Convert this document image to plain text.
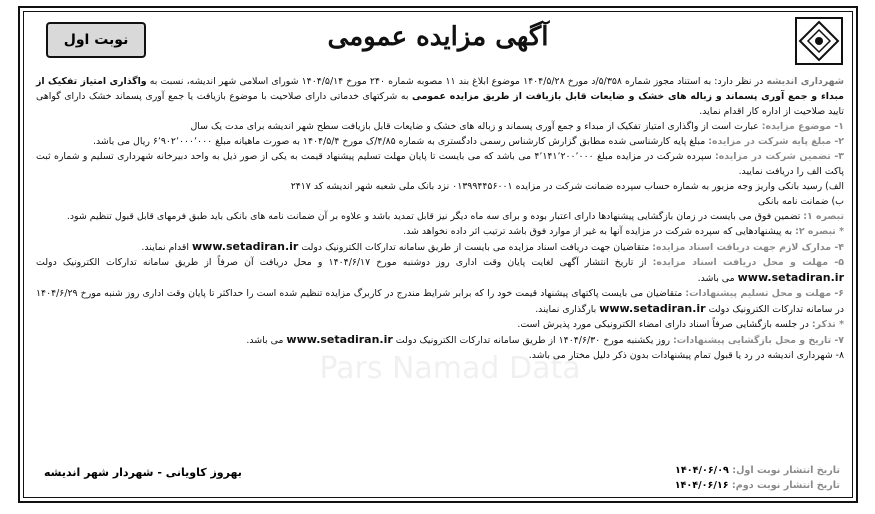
آگهی مزایده عمومی
نوبت اول
Pars Namad Data

شهرداری اندیشه در نظر دارد: به استناد مجوز شماره ۵/۳۵۸/د مورخ ۱۴۰۴/۵/۲۸ موضوع ابلاغ بند ۱۱ مصوبه شماره ۲۴۰ مورخ ۱۴۰۴/۵/۱۴ شورای اسلامی شهر اندیشه، نسبت به واگذاری امتیاز تفکیک از مبداء و جمع آوری پسماند و زباله های خشک و ضایعات قابل بازیافت از طریق مزایده عمومی به شرکتهای خدماتی دارای صلاحیت با موضوع بازیافت یا جمع آوری پسماند خشک دارای گواهی تایید صلاحیت از اداره کار اقدام نماید.

۱- موضوع مزایده: عبارت است از واگذاری امتیاز تفکیک از مبداء و جمع آوری پسماند و زباله های خشک و ضایعات قابل بازیافت سطح شهر اندیشه برای مدت یک سال

۲- مبلغ پایه شرکت در مزایده: مبلغ پایه کارشناسی شده مطابق گزارش کارشناس رسمی دادگستری به شماره ۴/۸۵/ک مورخ ۱۴۰۴/۵/۴ به صورت ماهیانه مبلغ ۶٬۹۰۲٬۰۰۰٬۰۰۰ ریال می باشد.

۳- تضمین شرکت در مزایده: سپرده شرکت در مزایده مبلغ ۴٬۱۴۱٬۲۰۰٬۰۰۰ می باشد که می بایست تا پایان مهلت تسلیم پیشنهاد قیمت به یکی از صور ذیل به واحد دبیرخانه شهرداری تسلیم و شماره ثبت پاکت الف را دریافت نمایید.

الف) رسید بانکی واریز وجه مزبور به شماره حساب سپرده ضمانت شرکت در مزایده ۰۱۳۹۹۴۴۵۶۰۰۱ نزد بانک ملی شعبه شهر اندیشه کد ۲۴۱۷

ب) ضمانت نامه بانکی

تبصره ۱: تضمین فوق می بایست در زمان بازگشایی پیشنهادها دارای اعتبار بوده و برای سه ماه دیگر نیز قابل تمدید باشد و علاوه بر آن ضمانت نامه های بانکی باید طبق فرمهای قابل قبول تنظیم شود.

* تبصره ۲: به پیشنهادهایی که سپرده شرکت در مزایده آنها به غیر از موارد فوق باشد ترتیب اثر داده نخواهد شد.

۴- مدارک لازم جهت دریافت اسناد مزایده: متقاضیان جهت دریافت اسناد مزایده می بایست از طریق سامانه تدارکات الکترونیک دولت www.setadiran.ir اقدام نمایند.

۵- مهلت و محل دریافت اسناد مزایده: از تاریخ انتشار آگهی لغایت پایان وقت اداری روز دوشنبه مورخ ۱۴۰۴/۶/۱۷ و محل دریافت آن صرفاً از طریق سامانه تدارکات الکترونیک دولت www.setadiran.ir می باشد.

۶- مهلت و محل تسلیم پیشنهادات: متقاضیان می بایست پاکتهای پیشنهاد قیمت خود را که برابر شرایط مندرج در کاربرگ مزایده تنظیم شده است را حداکثر تا پایان وقت اداری روز شنبه مورخ ۱۴۰۴/۶/۲۹ در سامانه تدارکات الکترونیک دولت www.setadiran.ir بارگذاری نمایند.

* تذکر: در جلسه بازگشایی صرفاً اسناد دارای امضاء الکترونیکی مورد پذیرش است.

۷- تاریخ و محل بازگشایی پیشنهادات: روز یکشنبه مورخ ۱۴۰۴/۶/۳۰ از طریق سامانه تدارکات الکترونیک دولت www.setadiran.ir می باشد.

۸- شهرداری اندیشه در رد یا قبول تمام پیشنهادات بدون ذکر دلیل مختار می باشد.

تاریخ انتشار نوبت اول: ۱۴۰۴/۰۶/۰۹
تاریخ انتشار نوبت دوم: ۱۴۰۴/۰۶/۱۶
بهروز کاویانی - شهردار شهر اندیشه
